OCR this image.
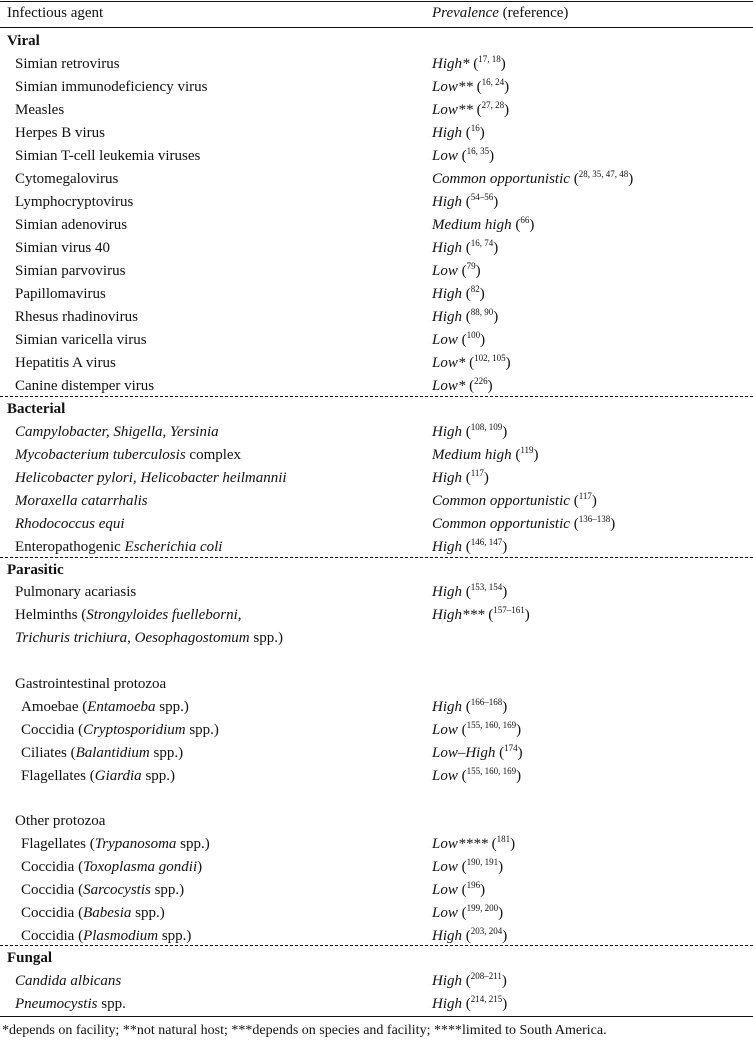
Infectious agent	Prevalence (reference)
Viral
Simian retrovirus	High* ($^{17, 18}$)
Simian immunodeficiency virus	Low** ($^{16, 24}$)
Measles	Low** ($^{27, 28}$)
Herpes B virus	High ($^{16}$)
Simian T-cell leukemia viruses	Low ($^{16, 35}$)
Cytomegalovirus	Common opportunistic ($^{28, 35, 47, 48}$)
Lymphocryptovirus	High ($^{54-56}$)
Simian adenovirus	Medium high ($^{66}$)
Simian virus 40	High ($^{16, 74}$)
Simian parvovirus	Low ($^{79}$)
Papillomavirus	High ($^{82}$)
Rhesus rhadinovirus	High ($^{88, 90}$)
Simian varicella virus	Low ($^{100}$)
Hepatitis A virus	Low* ($^{102, 105}$)
Canine distemper virus	Low* ($^{226}$)
Bacterial
Campylobacter, Shigella, Yersinia	High ($^{108, 109}$)
Mycobacterium tuberculosis complex	Medium high ($^{119}$)
Helicobacter pylori, Helicobacter heilmannii	High ($^{117}$)
Moraxella catarrhalis	Common opportunistic ($^{117}$)
Rhodococcus equi	Common opportunistic ($^{136-138}$)
Enteropathogenic Escherichia coli	High ($^{146, 147}$)
Parasitic
Pulmonary acariasis	High ($^{153, 154}$)
Helminths (Strongyloides fuelleborni,	High*** ($^{157-161}$)
Trichuris trichiura, Oesophagostomum spp.)
Gastrointestinal protozoa
Amoebae (Entamoeba spp.)	High ($^{166-168}$)
Coccidia (Cryptosporidium spp.)	Low ($^{155, 160, 169}$)
Ciliates (Balantidium spp.)	Low–High ($^{174}$)
Flagellates (Giardia spp.)	Low ($^{155, 160, 169}$)
Other protozoa
Flagellates (Trypanosoma spp.)	Low**** ($^{181}$)
Coccidia (Toxoplasma gondii)	Low ($^{190, 191}$)
Coccidia (Sarcocystis spp.)	Low ($^{196}$)
Coccidia (Babesia spp.)	Low ($^{199, 200}$)
Coccidia (Plasmodium spp.)	High ($^{203, 204}$)
Fungal
Candida albicans	High ($^{208-211}$)
Pneumocystis spp.	High ($^{214, 215}$)
*depends on facility; **not natural host; ***depends on species and facility; ****limited to South America.
